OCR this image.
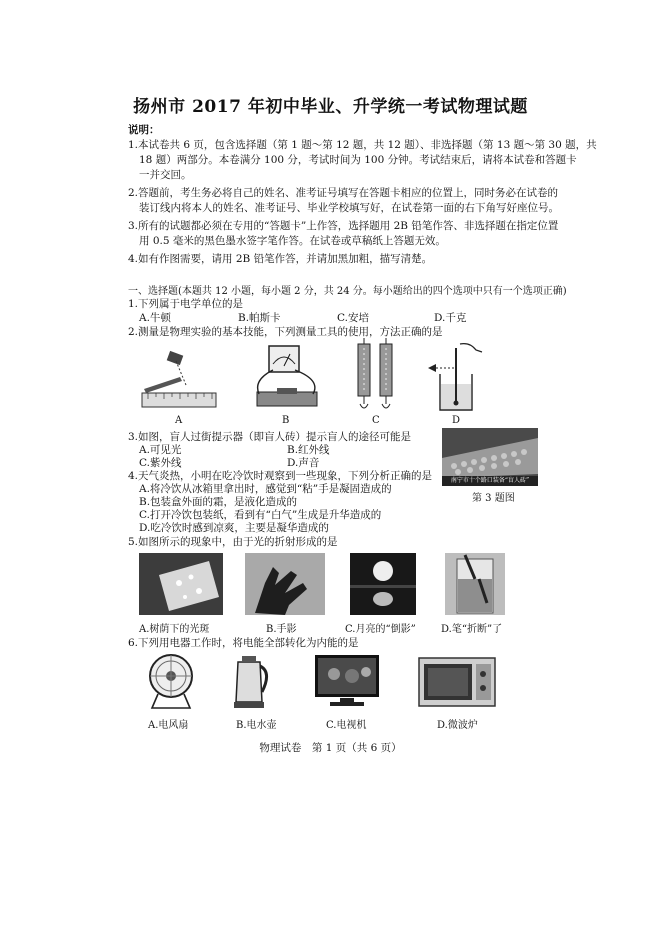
扬州市 2017 年初中毕业、升学统一考试物理试题
说明：
1.本试卷共 6 页，包含选择题（第 1 题～第 12 题，共 12 题）、非选择题（第 13 题～第 30 题，共
18 题）两部分。本卷满分 100 分，考试时间为 100 分钟。考试结束后，请将本试卷和答题卡
一并交回。
2.答题前，考生务必将自己的姓名、准考证号填写在答题卡相应的位置上，同时务必在试卷的
装订线内将本人的姓名、准考证号、毕业学校填写好，在试卷第一面的右下角写好座位号。
3.所有的试题都必须在专用的“答题卡”上作答，选择题用 2B 铅笔作答、非选择题在指定位置
用 0.5 毫米的黑色墨水签字笔作答。在试卷或草稿纸上答题无效。
4.如有作图需要，请用 2B 铅笔作答，并请加黑加粗，描写清楚。
一、选择题(本题共 12 小题，每小题 2 分，共 24 分。每小题给出的四个选项中只有一个选项正确)
1.下列属于电学单位的是
A.牛顿	B.帕斯卡	C.安培	D.千克
2.测量是物理实验的基本技能，下列测量工具的使用，方法正确的是
A	B	C	D
3.如图，盲人过街提示器（即盲人砖）提示盲人的途径可能是
A.可见光	B.红外线
C.紫外线	D.声音
南宁市十个路口装备“盲人砖”
第 3 题图
4.天气炎热，小明在吃冷饮时观察到一些现象，下列分析正确的是
A.将冷饮从冰箱里拿出时，感觉到“粘”手是凝固造成的
B.包装盒外面的霜，是液化造成的
C.打开冷饮包装纸，看到有“白气”生成是升华造成的
D.吃冷饮时感到凉爽，主要是凝华造成的
5.如图所示的现象中，由于光的折射形成的是
A.树荫下的光斑	B.手影	C.月亮的“倒影”	D.笔“折断”了
6.下列用电器工作时，将电能全部转化为内能的是
A.电风扇	B.电水壶	C.电视机	D.微波炉
物理试卷　第 1 页（共 6 页）
